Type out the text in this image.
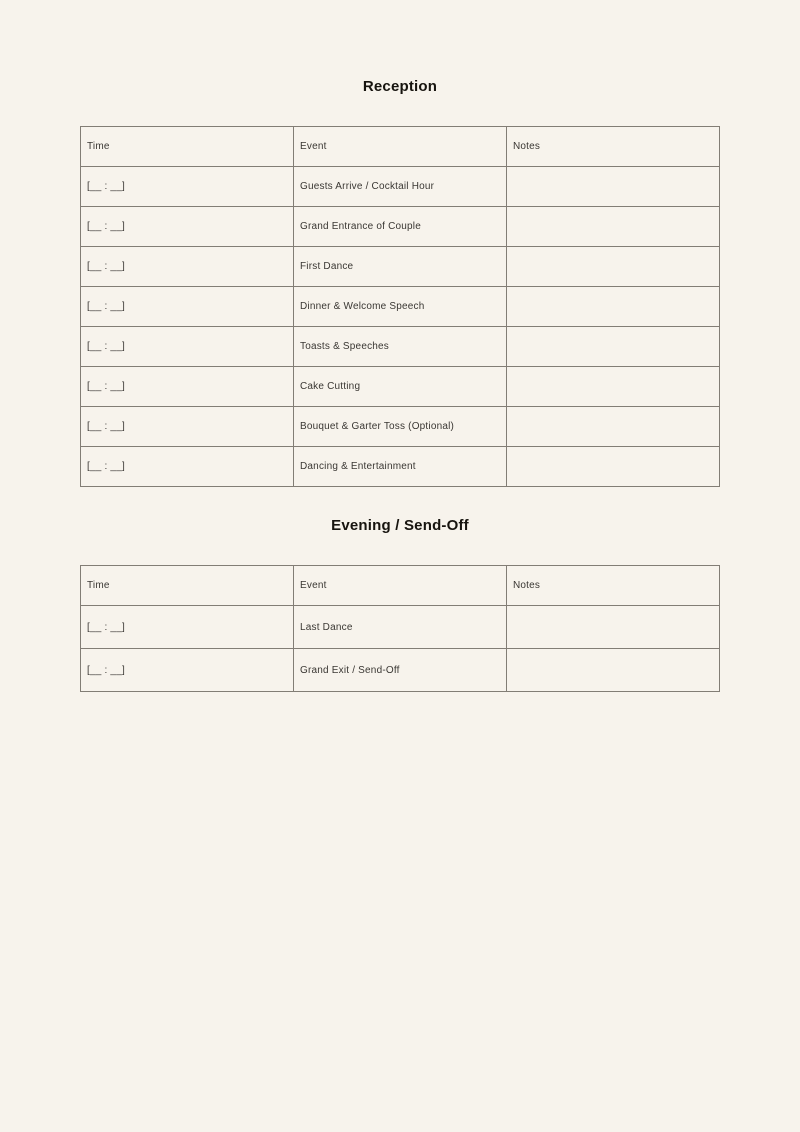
Reception
Time	Event	Notes
[__ : __]	Guests Arrive / Cocktail Hour	
[__ : __]	Grand Entrance of Couple	
[__ : __]	First Dance	
[__ : __]	Dinner & Welcome Speech	
[__ : __]	Toasts & Speeches	
[__ : __]	Cake Cutting	
[__ : __]	Bouquet & Garter Toss (Optional)	
[__ : __]	Dancing & Entertainment	
Evening / Send-Off
Time	Event	Notes
[__ : __]	Last Dance	
[__ : __]	Grand Exit / Send-Off	
